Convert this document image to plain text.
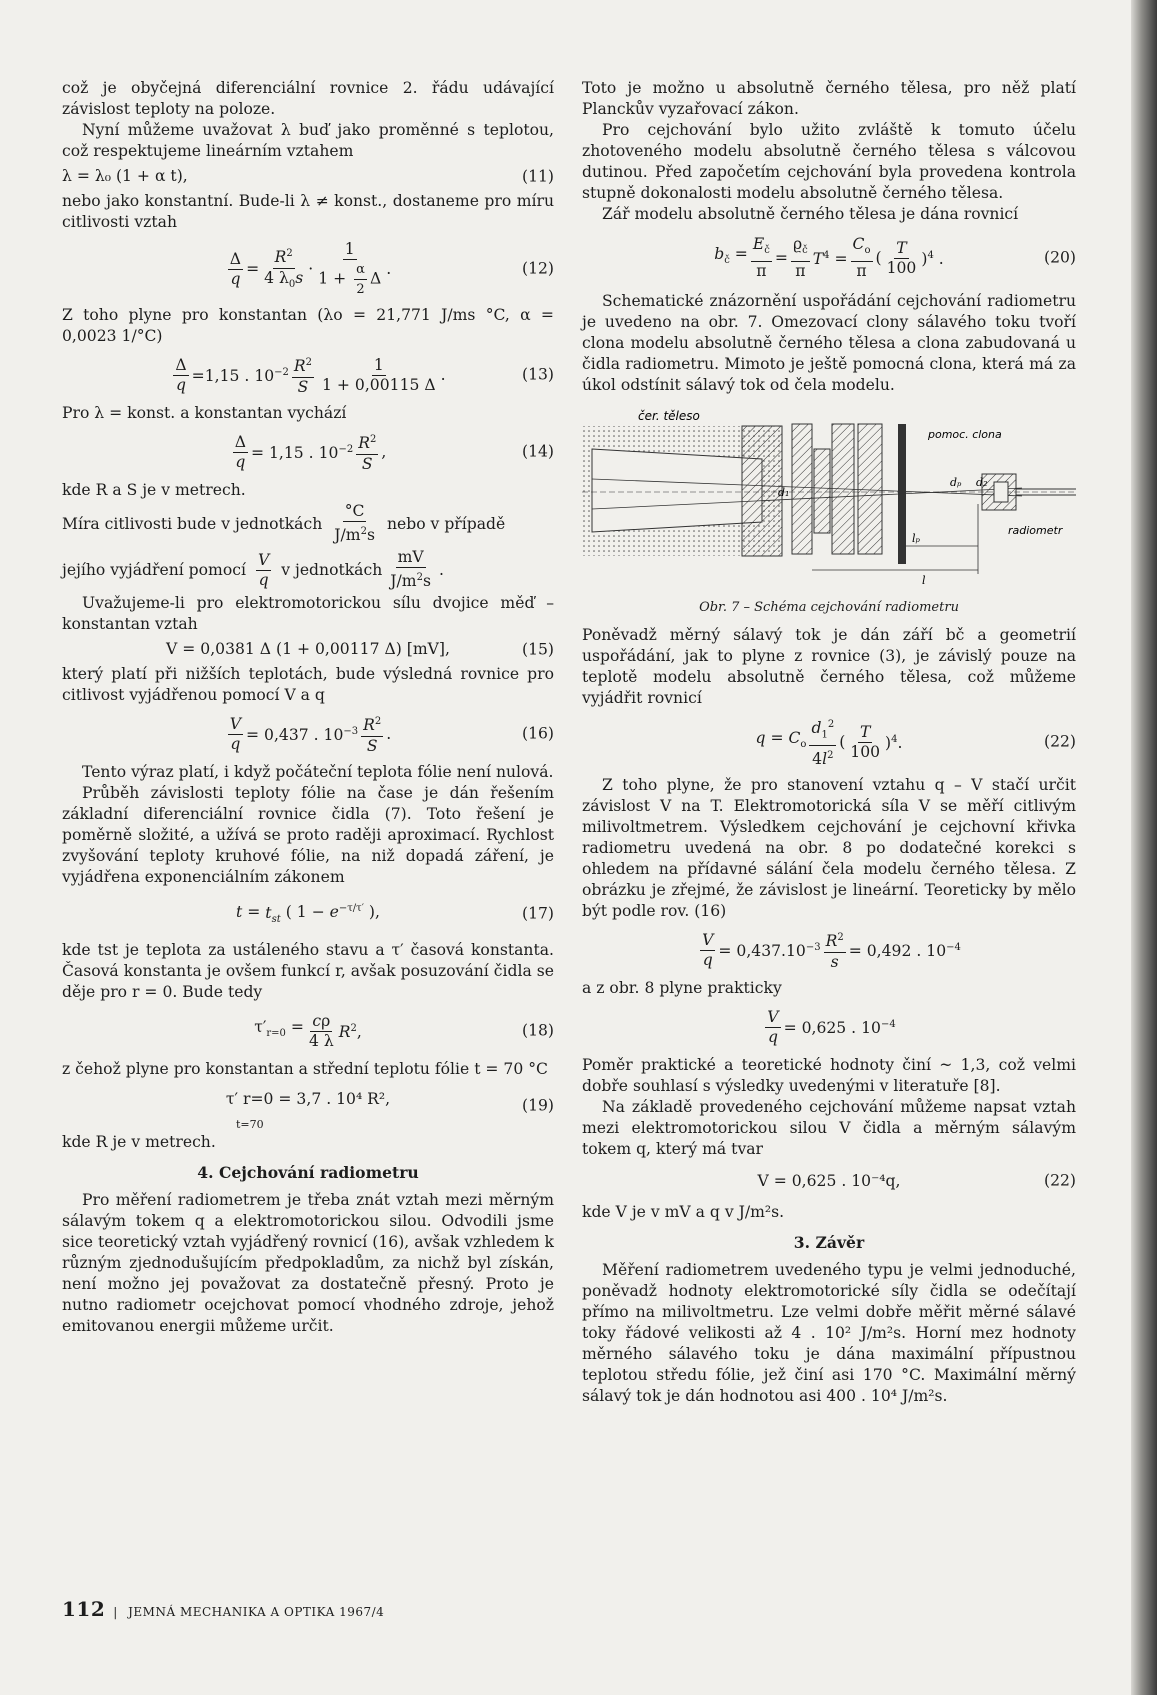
což je obyčejná diferenciální rovnice 2. řádu udávající závislost teploty na poloze.

Nyní můžeme uvažovat λ buď jako proměnné s teplotou, což respektujeme lineárním vztahem

λ = λ₀ (1 + α t),	(11)

nebo jako konstantní. Bude-li λ ≠ konst., dostaneme pro míru citlivosti vztah

$\frac{\Delta}{q} = \frac{R^2}{4 \lambda_0s} \cdot \frac{1}{1 + \frac{\alpha}{2} \Delta}$ .	(12)

Z toho plyne pro konstantan (λo = 21,771 J/ms °C, α = 0,0023 1/°C)

$\frac{\Delta}{q} =1,15$ . $10^{-2} \frac{R^2}{S} \frac{1}{1 + 0,00115 \Delta}$ .	(13)

Pro λ = konst. a konstantan vychází

$\frac{\Delta}{q} = 1,15$ . $10^{-2} \frac{R^2}{S}$ ,	(14)

kde R a S je v metrech.

Míra citlivosti bude v jednotkách $\frac{^\circ C}{J/m^2s}$ nebo v případě
jejího vyjádření pomocí $\frac{V}{q}$ v jednotkách $\frac{mV}{J/m^2s}$ .

Uvažujeme-li pro elektromotorickou sílu dvojice měď – konstantan vztah

V = 0,0381 Δ (1 + 0,00117 Δ) [mV],	(15)

který platí při nižších teplotách, bude výsledná rovnice pro citlivost vyjádřenou pomocí V a q

$\frac{V}{q} = 0,437$ . $10^{-3} \frac{R^2}{S}$ .	(16)

Tento výraz platí, i když počáteční teplota fólie není nulová.

Průběh závislosti teploty fólie na čase je dán řešením základní diferenciální rovnice čidla (7). Toto řešení je poměrně složité, a užívá se proto raději aproximací. Rychlost zvyšování teploty kruhové fólie, na niž dopadá záření, je vyjádřena exponenciálním zákonem

$t = t_{st}$ ( $1 - e^{-\tau/\tau'}$ ),	(17)

kde tst je teplota za ustáleného stavu a τ′ časová konstanta. Časová konstanta je ovšem funkcí r, avšak posuzování čidla se děje pro r = 0. Bude tedy

$\tau'_{r=0} = \frac{c\rho}{4 \lambda} R^2$,	(18)

z čehož plyne pro konstantan a střední teplotu fólie t = 70 °C

τ′ r=0 = 3,7 . 10⁴ R²,
t=70
(19)

kde R je v metrech.

4. Cejchování radiometru

Pro měření radiometrem je třeba znát vztah mezi měrným sálavým tokem q a elektromotorickou silou. Odvodili jsme sice teoretický vztah vyjádřený rovnicí (16), avšak vzhledem k různým zjednodušujícím předpokladům, za nichž byl získán, není možno jej považovat za dostatečně přesný. Proto je nutno radiometr ocejchovat pomocí vhodného zdroje, jehož emitovanou energii můžeme určit.

Toto je možno u absolutně černého tělesa, pro něž platí Planckův vyzařovací zákon.

Pro cejchování bylo užito zvláště k tomuto účelu zhotoveného modelu absolutně černého tělesa s válcovou dutinou. Před započetím cejchování byla provedena kontrola stupně dokonalosti modelu absolutně černého tělesa.

Zář modelu absolutně černého tělesa je dána rovnicí

$b_č = \frac{E_č}{\pi} = \frac{ϱ_č}{\pi} T^4 = \frac{C_o}{\pi}$ ( $\frac{T}{100} )^4$ .	(20)

Schematické znázornění uspořádání cejchování radiometru je uvedeno na obr. 7. Omezovací clony sálavého toku tvoří clona modelu absolutně černého tělesa a clona zabudovaná u čidla radiometru. Mimoto je ještě pomocná clona, která má za úkol odstínit sálavý tok od čela modelu.

čer. těleso
pomoc. clona
radiometr
d₁
dₚ d₂
lₚ
l
Obr. 7 – Schéma cejchování radiometru

Poněvadž měrný sálavý tok je dán září bč a geometrií uspořádání, jak to plyne z rovnice (3), je závislý pouze na teplotě modelu absolutně černého tělesa, což můžeme vyjádřit rovnicí

$q = C_o \frac{d_1^2}{4l^2}$ ( $\frac{T}{100} )^4$.	(22)

Z toho plyne, že pro stanovení vztahu q – V stačí určit závislost V na T. Elektromotorická síla V se měří citlivým milivoltmetrem. Výsledkem cejchování je cejchovní křivka radiometru uvedená na obr. 8 po dodatečné korekci s ohledem na přídavné sálání čela modelu černého tělesa. Z obrázku je zřejmé, že závislost je lineární. Teoreticky by mělo být podle rov. (16)

$\frac{V}{q} = 0,437.10^{-3} \frac{R^2}{s} = 0,492$ . $10^{-4}$

a z obr. 8 plyne prakticky

$\frac{V}{q} = 0,625$ . $10^{-4}$

Poměr praktické a teoretické hodnoty činí ~ 1,3, což velmi dobře souhlasí s výsledky uvedenými v literatuře [8].

Na základě provedeného cejchování můžeme napsat vztah mezi elektromotorickou silou V čidla a měrným sálavým tokem q, který má tvar

V = 0,625 . 10⁻⁴q,	(22)

kde V je v mV a q v J/m²s.

3. Závěr

Měření radiometrem uvedeného typu je velmi jednoduché, poněvadž hodnoty elektromotorické síly čidla se odečítají přímo na milivoltmetru. Lze velmi dobře měřit měrné sálavé toky řádové velikosti až 4 . 10² J/m²s. Horní mez hodnoty měrného sálavého toku je dána maximální přípustnou teplotou středu fólie, jež činí asi 170 °C. Maximální měrný sálavý tok je dán hodnotou asi 400 . 10⁴ J/m²s.

112 | JEMNÁ MECHANIKA A OPTIKA 1967/4
